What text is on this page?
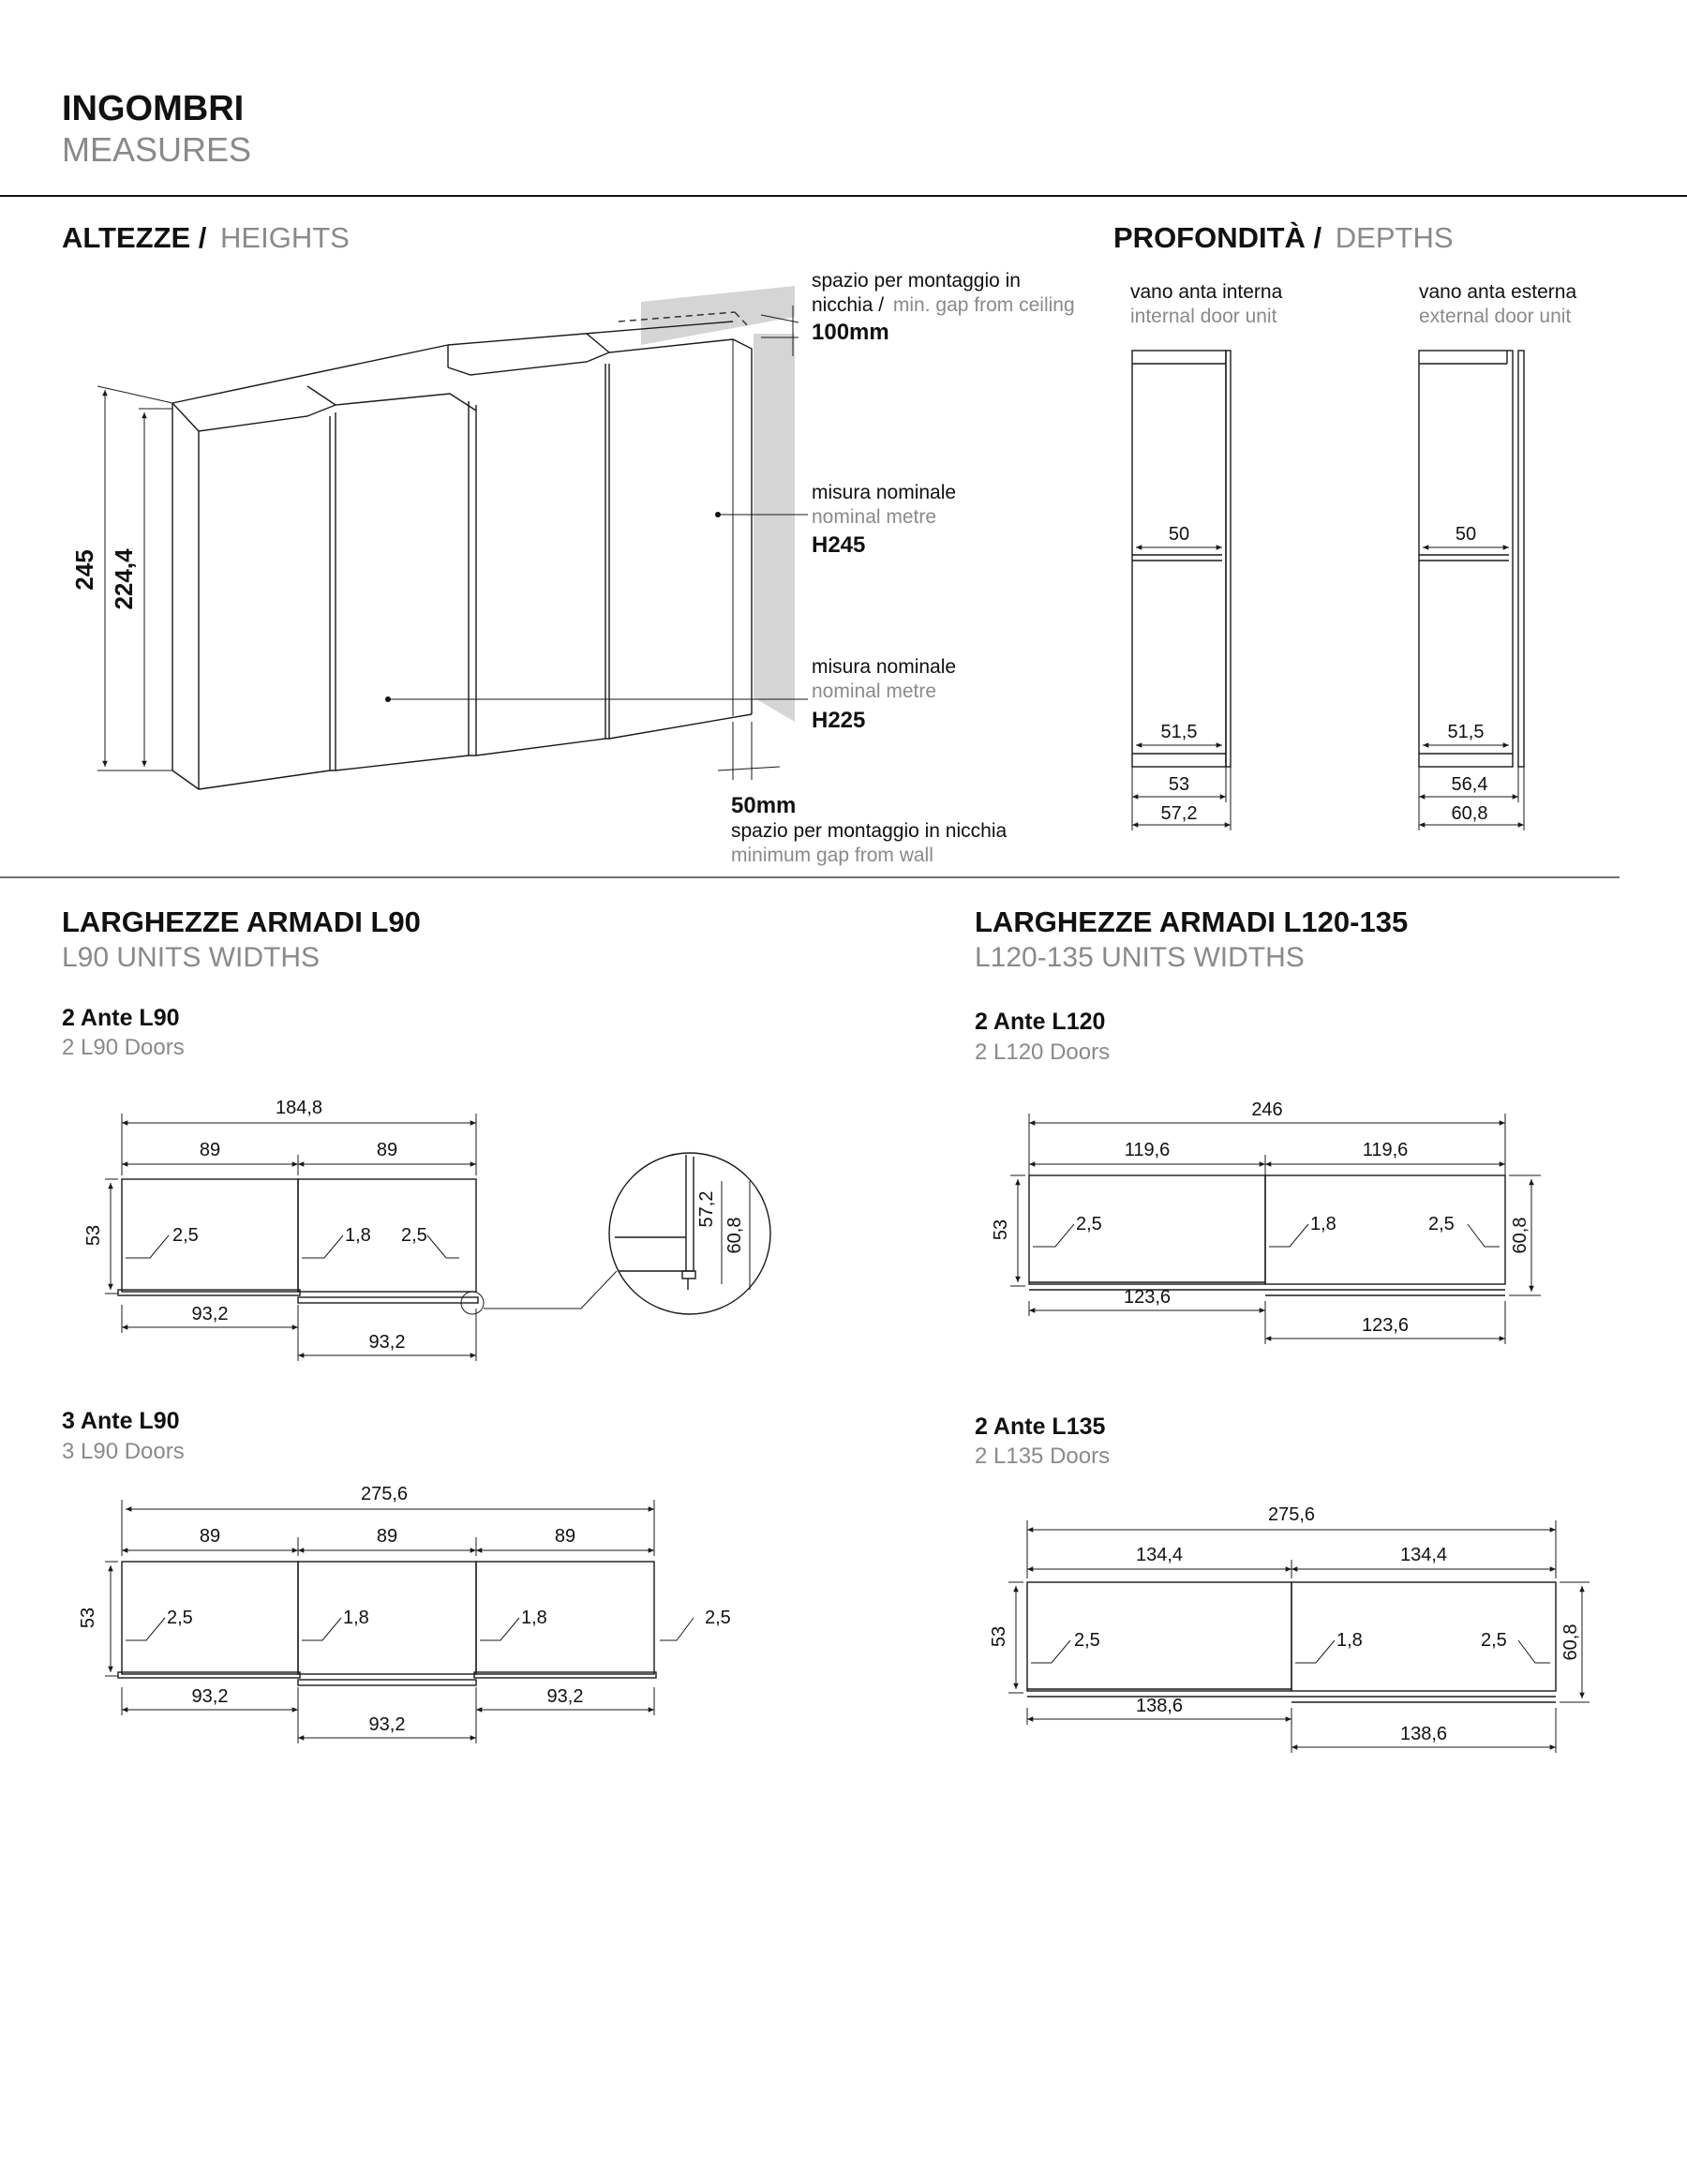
INGOMBRI
MEASURES
ALTEZZE / HEIGHTS
245 224,4
spazio per montaggio in
nicchia / min. gap from ceiling
100mm
misura nominale
nominal metre
H245
misura nominale
nominal metre
H225
50mm
spazio per montaggio in nicchia
minimum gap from wall
PROFONDITÀ / DEPTHS
vano anta interna
internal door unit
vano anta esterna
external door unit
50
51,5
53
57,2
50
51,5
56,4
60,8
LARGHEZZE ARMADI L90
L90 UNITS WIDTHS
2 Ante L90
2 L90 Doors
184,8
89	89
53	2,5	1,8 2,5
93,2
93,2
57,2
60,8
3 Ante L90
3 L90 Doors
275,6
89	89	89
53	2,5	1,8	1,8	2,5
93,2
93,2
93,2
LARGHEZZE ARMADI L120-135
L120-135 UNITS WIDTHS
2 Ante L120
2 L120 Doors
246
119,6	119,6
53	60,8
2,5	1,8	2,5
123,6
123,6
2 Ante L135
2 L135 Doors
275,6
134,4	134,4
53	60,8
2,5	1,8	2,5
138,6
138,6
